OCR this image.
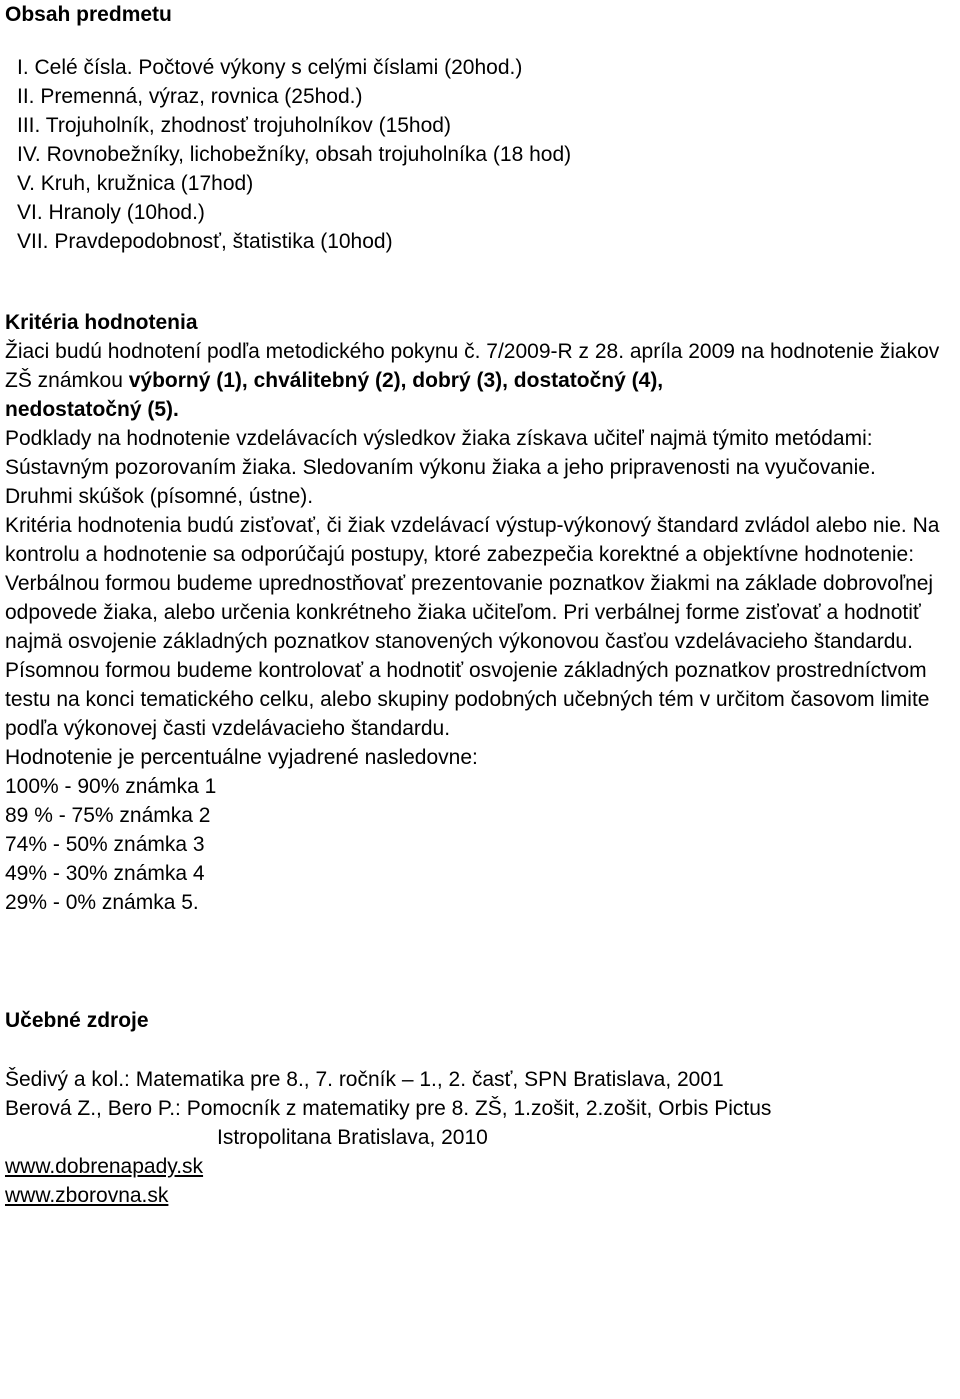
Obsah predmetu
I. Celé čísla. Počtové výkony s celými číslami (20hod.)
II. Premenná, výraz, rovnica (25hod.)
III. Trojuholník, zhodnosť trojuholníkov (15hod)
IV. Rovnobežníky, lichobežníky, obsah trojuholníka (18 hod)
V. Kruh, kružnica (17hod)
VI. Hranoly (10hod.)
VII. Pravdepodobnosť, štatistika (10hod)
Kritéria hodnotenia

Žiaci budú hodnotení podľa metodického pokynu č. 7/2009-R z 28. apríla 2009 na hodnotenie žiakov ZŠ známkou výborný (1), chválitebný (2), dobrý (3), dostatočný (4),
nedostatočný (5).

Podklady na hodnotenie vzdelávacích výsledkov žiaka získava učiteľ najmä týmito metódami:

Sústavným pozorovaním žiaka. Sledovaním výkonu žiaka a jeho pripravenosti na vyučovanie.

Druhmi skúšok (písomné, ústne).

Kritéria hodnotenia budú zisťovať, či žiak vzdelávací výstup-výkonový štandard zvládol alebo nie. Na kontrolu a hodnotenie sa odporúčajú postupy, ktoré zabezpečia korektné a objektívne hodnotenie:

Verbálnou formou budeme uprednostňovať prezentovanie poznatkov žiakmi na základe dobrovoľnej odpovede žiaka, alebo určenia konkrétneho žiaka učiteľom. Pri verbálnej forme zisťovať a hodnotiť najmä osvojenie základných poznatkov stanovených výkonovou časťou vzdelávacieho štandardu.

Písomnou formou budeme kontrolovať a hodnotiť osvojenie základných poznatkov prostredníctvom testu na konci tematického celku, alebo skupiny podobných učebných tém v určitom časovom limite podľa výkonovej časti vzdelávacieho štandardu.

Hodnotenie je percentuálne vyjadrené nasledovne:

100% - 90% známka 1

89 % - 75% známka 2

74% - 50% známka 3

49% - 30% známka 4

29% - 0% známka 5.

Učebné zdroje

Šedivý a kol.: Matematika pre 8., 7. ročník – 1., 2. časť, SPN Bratislava, 2001

Berová Z., Bero P.: Pomocník z matematiky pre 8. ZŠ, 1.zošit, 2.zošit, Orbis Pictus

Istropolitana Bratislava, 2010

www.dobrenapady.sk

www.zborovna.sk
